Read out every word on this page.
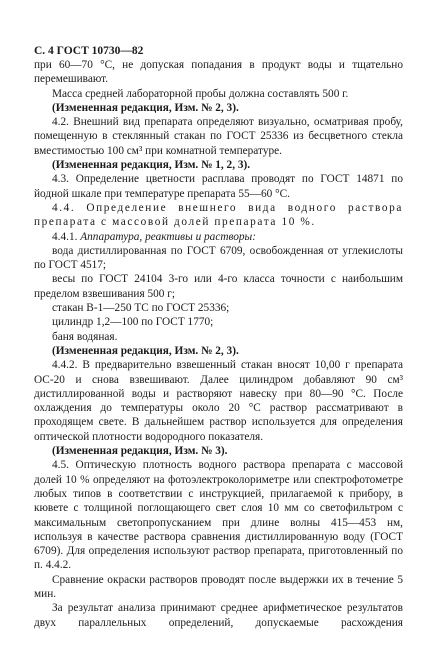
С. 4 ГОСТ 10730—82

при 60—70 °С, не допуская попадания в продукт воды и тщательно перемешивают.

Масса средней лабораторной пробы должна составлять 500 г.

(Измененная редакция, Изм. № 2, 3).

4.2. Внешний вид препарата определяют визуально, осматривая пробу, помещенную в стеклянный стакан по ГОСТ 25336 из бесцветного стекла вместимостью 100 см³ при комнатной температуре.

(Измененная редакция, Изм. № 1, 2, 3).

4.3. Определение цветности расплава проводят по ГОСТ 14871 по йодной шкале при температуре препарата 55—60 °С.

4.4. Определение внешнего вида водного раствора препарата с массовой долей препарата 10 %.

4.4.1. Аппаратура, реактивы и растворы:

вода дистиллированная по ГОСТ 6709, освобожденная от углекислоты по ГОСТ 4517;

весы по ГОСТ 24104 3-го или 4-го класса точности с наибольшим пределом взвешивания 500 г;

стакан В-1—250 ТС по ГОСТ 25336;

цилиндр 1,2—100 по ГОСТ 1770;

баня водяная.

(Измененная редакция, Изм. № 2, 3).

4.4.2. В предварительно взвешенный стакан вносят 10,00 г препарата ОС-20 и снова взвешивают. Далее цилиндром добавляют 90 см³ дистиллированной воды и растворяют навеску при 80—90 °С. После охлаждения до температуры около 20 °С раствор рассматривают в проходящем свете. В дальнейшем раствор используется для определения оптической плотности водородного показателя.

(Измененная редакция, Изм. № 3).

4.5. Оптическую плотность водного раствора препарата с массовой долей 10 % определяют на фотоэлектроколориметре или спектрофотометре любых типов в соответствии с инструкцией, прилагаемой к прибору, в кювете с толщиной поглощающего свет слоя 10 мм со светофильтром с максимальным светопропусканием при длине волны 415—453 нм, используя в качестве раствора сравнения дистиллированную воду (ГОСТ 6709). Для определения используют раствор препарата, приготовленный по п. 4.4.2.

Сравнение окраски растворов проводят после выдержки их в течение 5 мин.

За результат анализа принимают среднее арифметическое результатов двух параллельных определений, допускаемые расхождения
